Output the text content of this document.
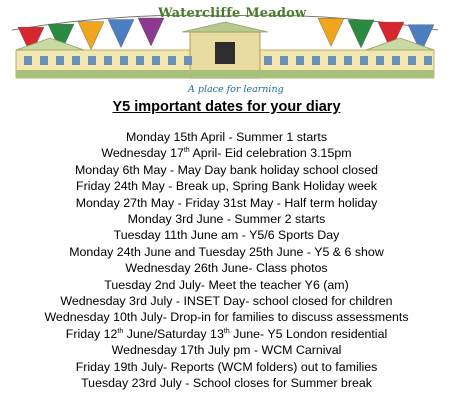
Watercliffe Meadow
A place for learning
Y5 important dates for your diary
Monday 15th April - Summer 1 starts
Wednesday 17th April- Eid celebration 3.15pm
Monday 6th May - May Day bank holiday school closed
Friday 24th May - Break up, Spring Bank Holiday week
Monday 27th May - Friday 31st May - Half term holiday
Monday 3rd June - Summer 2 starts
Tuesday 11th June am - Y5/6 Sports Day
Monday 24th June and Tuesday 25th June - Y5 & 6 show
Wednesday 26th June- Class photos
Tuesday 2nd July- Meet the teacher Y6 (am)
Wednesday 3rd July - INSET Day- school closed for children
Wednesday 10th July- Drop-in for families to discuss assessments
Friday 12th June/Saturday 13th June- Y5 London residential
Wednesday 17th July pm - WCM Carnival
Friday 19th July- Reports (WCM folders) out to families
Tuesday 23rd July - School closes for Summer break
